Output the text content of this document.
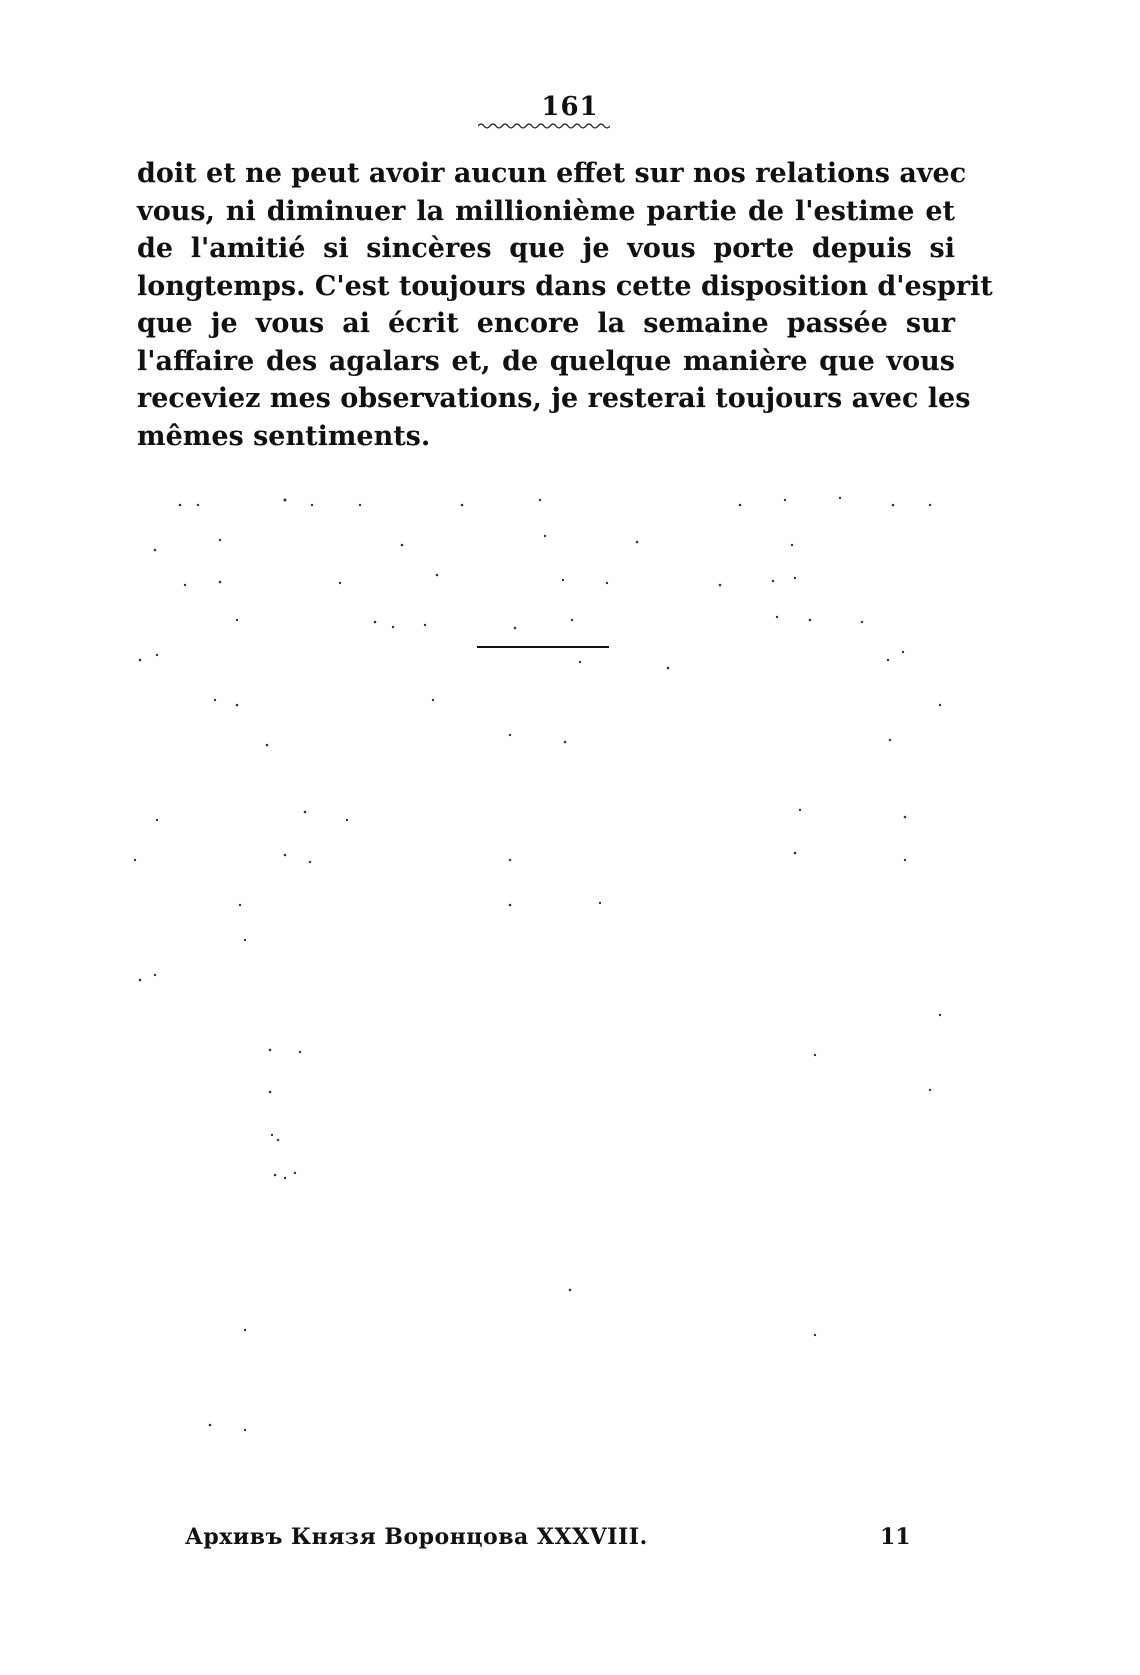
161
doit et ne peut avoir aucun effet sur nos relations avec
vous, ni diminuer la millionième partie de l'estime et
de l'amitié si sincères que je vous porte depuis si
longtemps. C'est toujours dans cette disposition d'esprit
que je vous ai écrit encore la semaine passée sur
l'affaire des agalars et, de quelque manière que vous
receviez mes observations, je resterai toujours avec les
mêmes sentiments.
Архивъ Князя Воронцова XXXVIII.	11
